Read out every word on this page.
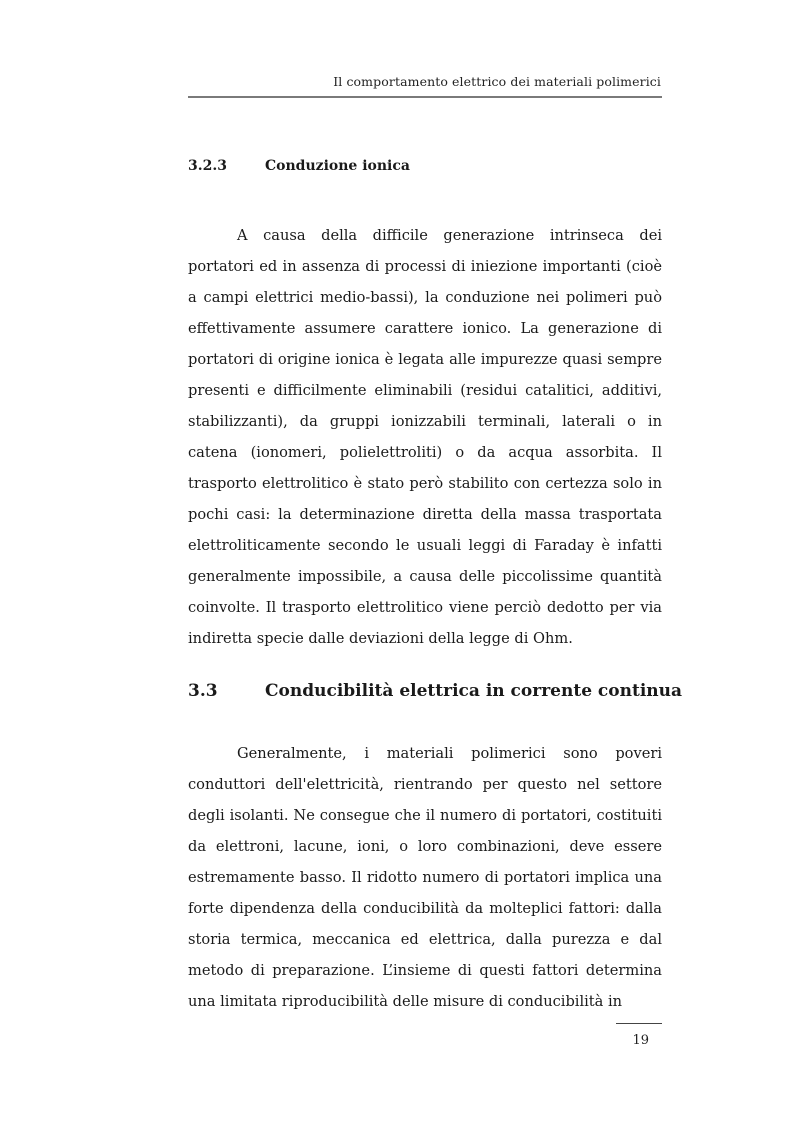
Il comportamento elettrico dei materiali polimerici
3.2.3	Conduzione ionica

A causa della difficile generazione intrinseca dei portatori ed in assenza di processi di iniezione importanti (cioè a campi elettrici medio-bassi), la conduzione nei polimeri può effettivamente assumere carattere ionico. La generazione di portatori di origine ionica è legata alle impurezze quasi sempre presenti e difficilmente eliminabili (residui catalitici, additivi, stabilizzanti), da gruppi ionizzabili terminali, laterali o in catena (ionomeri, polielettroliti) o da acqua assorbita. Il trasporto elettrolitico è stato però stabilito con certezza solo in pochi casi: la determinazione diretta della massa trasportata elettroliticamente secondo le usuali leggi di Faraday è infatti generalmente impossibile, a causa delle piccolissime quantità coinvolte. Il trasporto elettrolitico viene perciò dedotto per via indiretta specie dalle deviazioni della legge di Ohm.

3.3	Conducibilità elettrica in corrente continua

Generalmente, i materiali polimerici sono poveri conduttori dell'elettricità, rientrando per questo nel settore degli isolanti. Ne consegue che il numero di portatori, costituiti da elettroni, lacune, ioni, o loro combinazioni, deve essere estremamente basso. Il ridotto numero di portatori implica una forte dipendenza della conducibilità da molteplici fattori: dalla storia termica, meccanica ed elettrica, dalla purezza e dal metodo di preparazione. L’insieme di questi fattori determina una limitata riproducibilità delle misure di conducibilità in

19
